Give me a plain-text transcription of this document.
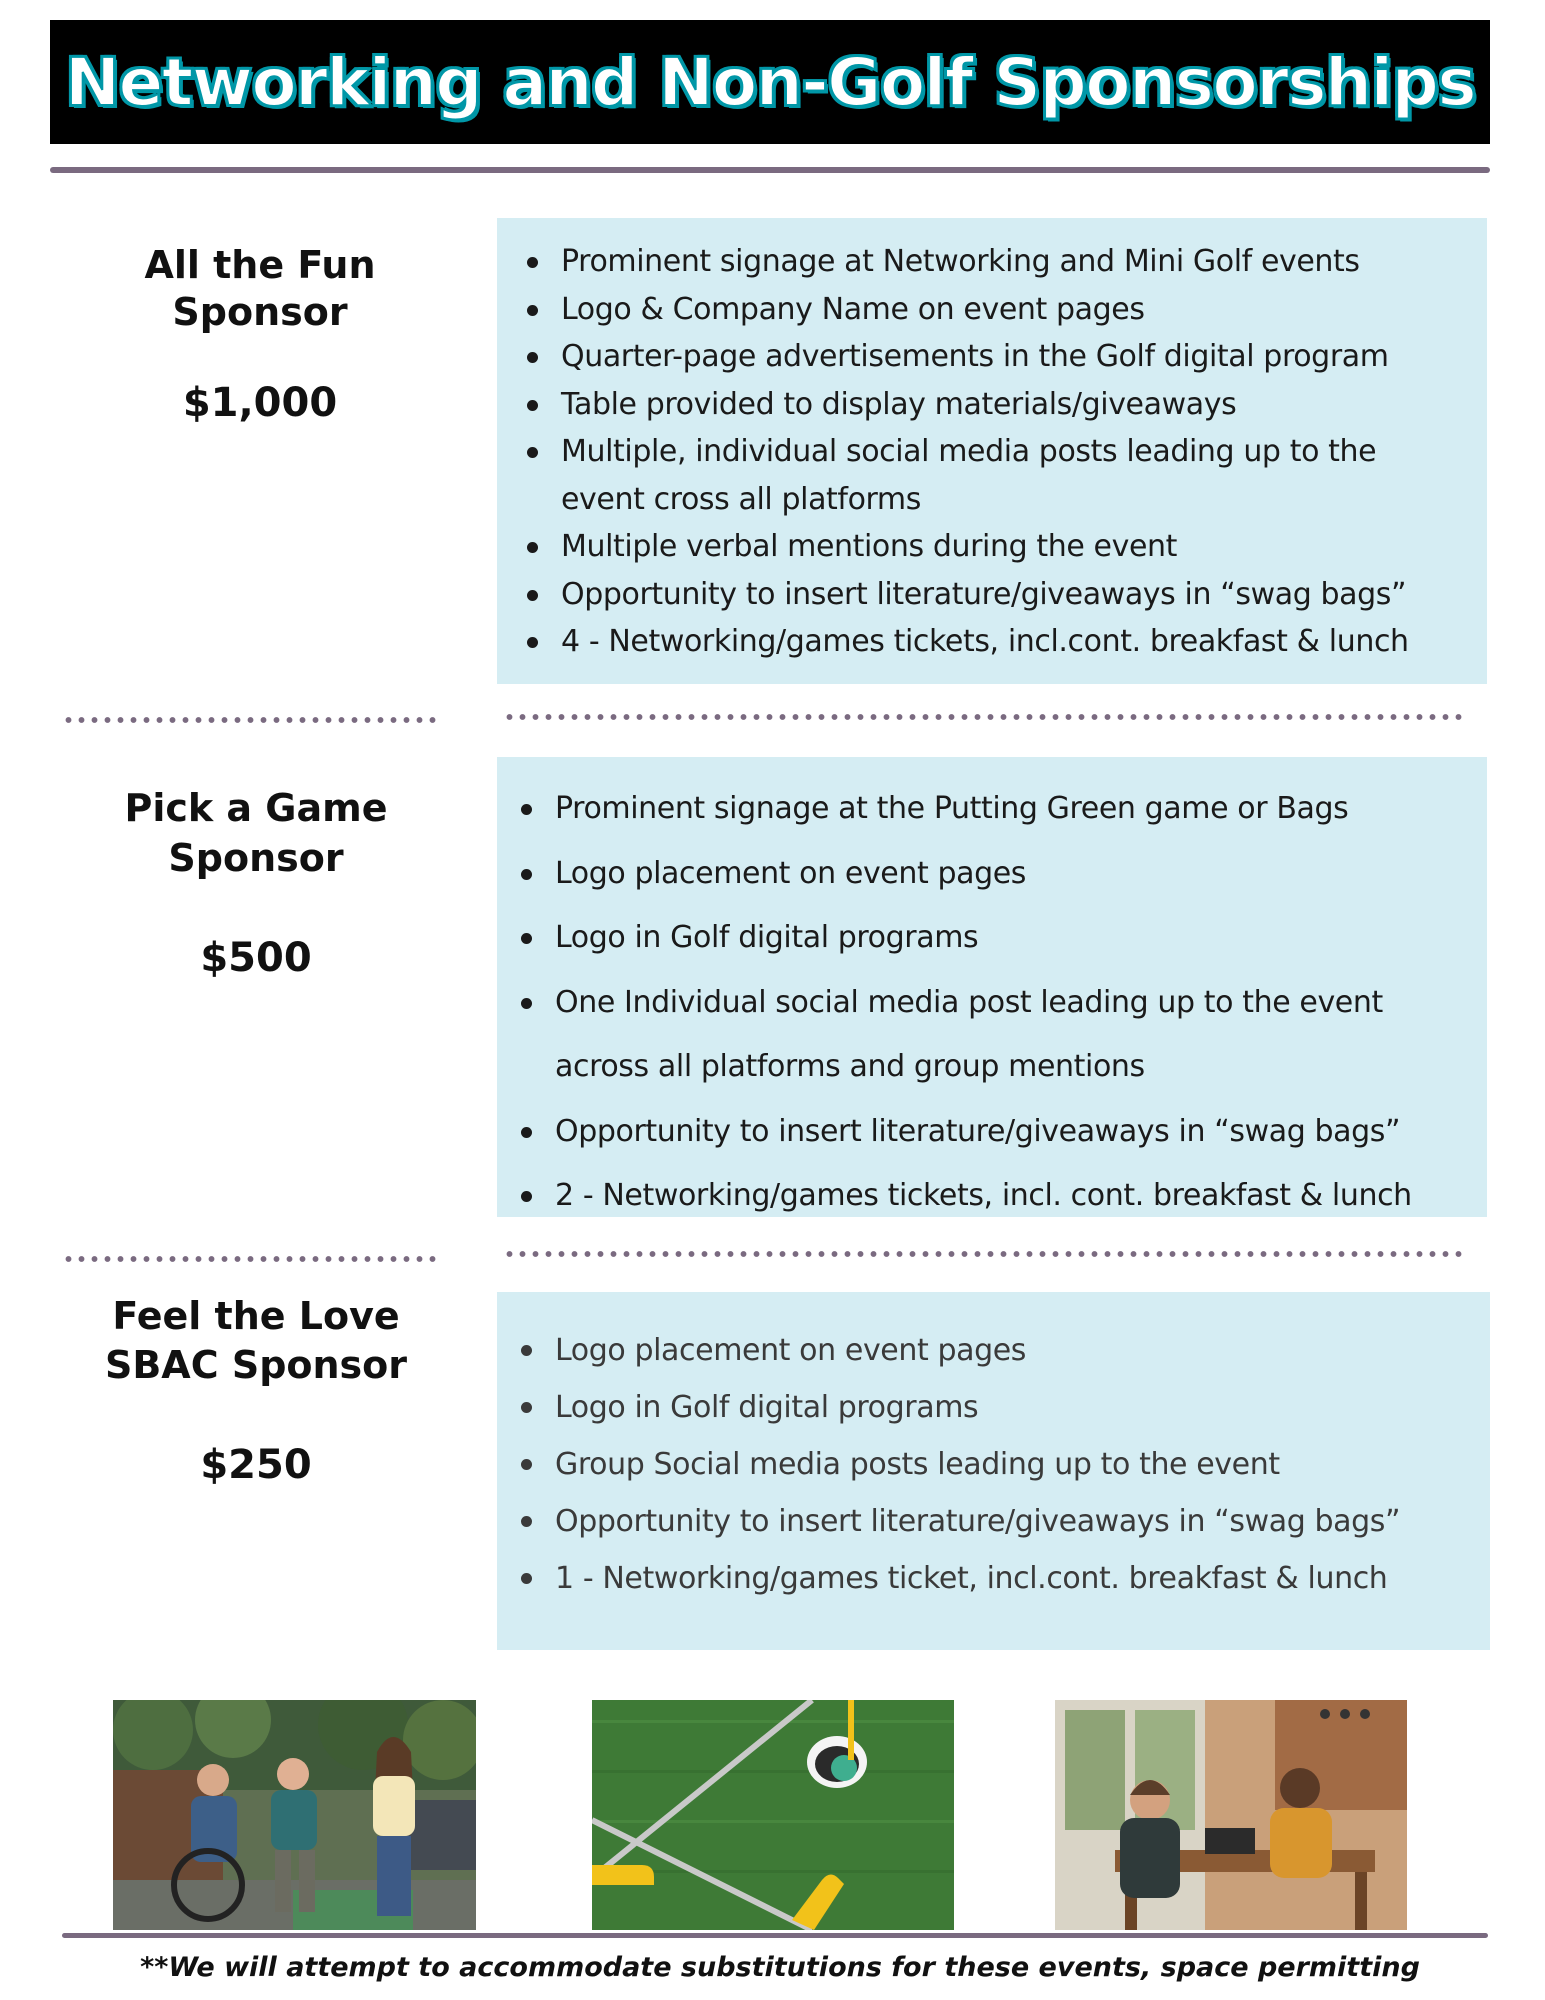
Networking and Non-Golf Sponsorships
All the Fun
Sponsor
$1,000
Prominent signage at Networking and Mini Golf events
Logo & Company Name on event pages
Quarter-page advertisements in the Golf digital program
Table provided to display materials/giveaways
Multiple, individual social media posts leading up to the event cross all platforms
Multiple verbal mentions during the event
Opportunity to insert literature/giveaways in “swag bags”
4 - Networking/games tickets, incl.cont. breakfast & lunch
Pick a Game
Sponsor
$500
Prominent signage at the Putting Green game or Bags
Logo placement on event pages
Logo in Golf digital programs
One Individual social media post leading up to the event across all platforms and group mentions
Opportunity to insert literature/giveaways in “swag bags”
2 - Networking/games tickets, incl. cont. breakfast & lunch
Feel the Love
SBAC Sponsor
$250
Logo placement on event pages
Logo in Golf digital programs
Group Social media posts leading up to the event
Opportunity to insert literature/giveaways in “swag bags”
1 - Networking/games ticket, incl.cont. breakfast & lunch
**We will attempt to accommodate substitutions for these events, space permitting
